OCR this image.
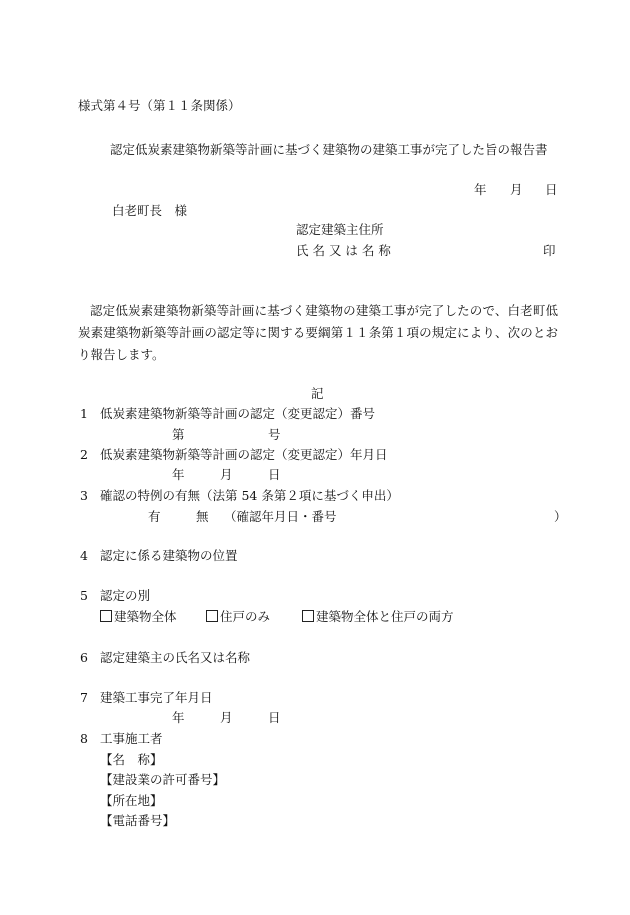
様式第４号（第１１条関係）
認定低炭素建築物新築等計画に基づく建築物の建築工事が完了した旨の報告書
年 月 日
白老町長　様
認定建築主住所
氏 名 又 は 名 称	印
認定低炭素建築物新築等計画に基づく建築物の建築工事が完了したので、白老町低炭素建築物新築等計画の認定等に関する要綱第１１条第１項の規定により、次のとおり報告します。
記
1 低炭素建築物新築等計画の認定（変更認定）番号
第	号
2 低炭素建築物新築等計画の認定（変更認定）年月日
年	月	日
3 確認の特例の有無（法第 54 条第２項に基づく申出）
有	無 （確認年月日・番号	）
4 認定に係る建築物の位置
5 認定の別
建築物全体	住戸のみ	建築物全体と住戸の両方
6 認定建築主の氏名又は名称
7 建築工事完了年月日
年	月	日
8 工事施工者
【名　称】
【建設業の許可番号】
【所在地】
【電話番号】
